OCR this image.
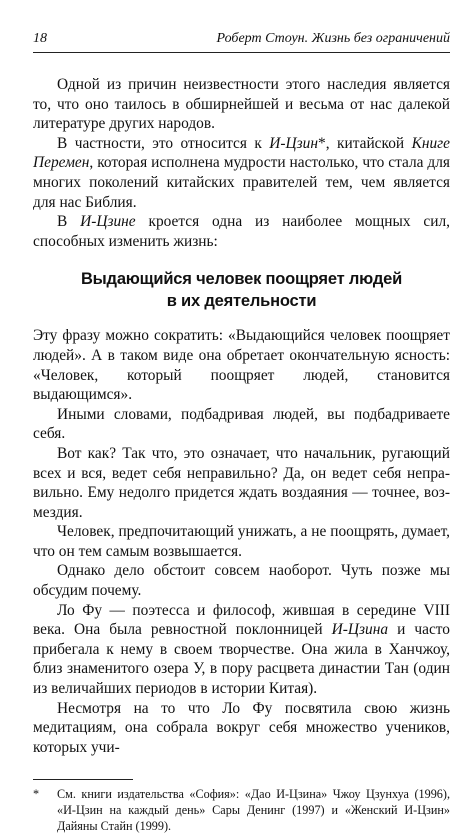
18	Роберт Стоун. Жизнь без ограничений

Одной из причин неизвестности этого наследия является то, что оно таилось в обширнейшей и весьма от нас далекой литературе других народов.

В частности, это относится к И-Цзин*, китайской Книге Перемен, которая исполнена мудрости настолько, что стала для многих поколений китайских правителей тем, чем является для нас Библия.

В И-Цзине кроется одна из наиболее мощных сил, способных изменить жизнь:

Выдающийся человек поощряет людей
в их деятельности

Эту фразу можно сократить: «Выдающийся человек поощряет людей». А в таком виде она обретает окончательную ясность: «Человек, который поощряет людей, становится выдающимся».

Иными словами, подбадривая людей, вы подбадриваете себя.

Вот как? Так что, это означает, что начальник, ругающий всех и вся, ведет себя неправильно? Да, он ведет себя неправильно. Ему недолго придется ждать воздаяния — точнее, возмездия.

Человек, предпочитающий унижать, а не поощрять, думает, что он тем самым возвышается.

Однако дело обстоит совсем наоборот. Чуть позже мы обсудим почему.

Ло Фу — поэтесса и философ, жившая в середине VIII века. Она была ревностной поклонницей И-Цзина и часто прибегала к нему в своем творчестве. Она жила в Ханчжоу, близ знаменитого озера У, в пору расцвета династии Тан (один из величайших периодов в истории Китая).

Несмотря на то что Ло Фу посвятила свою жизнь медитациям, она собрала вокруг себя множество учеников, которых учи-

*	См. книги издательства «София»: «Дао И-Цзина» Чжоу Цзунхуа (1996), «И-Цзин на каждый день» Сары Денинг (1997) и «Женский И-Цзин» Дайяны Стайн (1999).
